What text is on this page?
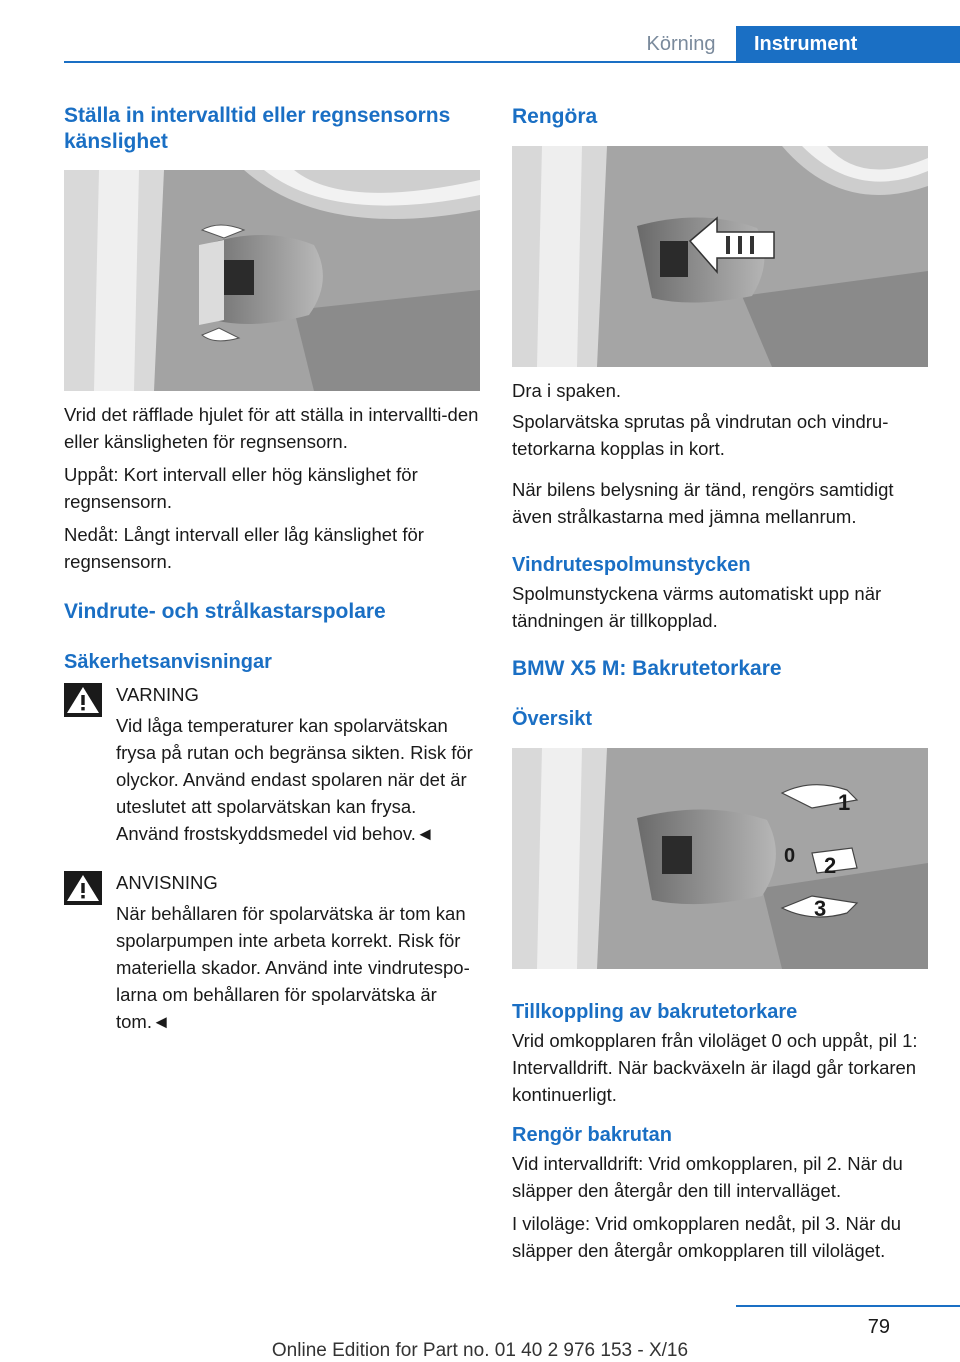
Körning	Instrument
Ställa in intervalltid eller regnsensorns känslighet

Vrid det räfflade hjulet för att ställa in intervallti‐den eller känsligheten för regnsensorn.

Uppåt: Kort intervall eller hög känslighet för regnsensorn.

Nedåt: Långt intervall eller låg känslighet för regnsensorn.

Vindrute- och strålkastarspolare
Säkerhetsanvisningar

VARNING

Vid låga temperaturer kan spolarvätskan frysa på rutan och begränsa sikten. Risk för olyckor. Använd endast spolaren när det är uteslutet att spolarvätskan kan frysa. Använd frostskyddsmedel vid behov.◄

ANVISNING

När behållaren för spolarvätska är tom kan spolarpumpen inte arbeta korrekt. Risk för materiella skador. Använd inte vindrutespo‐larna om behållaren för spolarvätska är tom.◄

Rengöra

Dra i spaken.

Spolarvätska sprutas på vindrutan och vindru‐tetorkarna kopplas in kort.

När bilens belysning är tänd, rengörs samtidigt även strålkastarna med jämna mellanrum.

Vindrutespolmunstycken

Spolmunstyckena värms automatiskt upp när tändningen är tillkopplad.

BMW X5 M: Bakrutetorkare
Översikt
1
0 2
3
Tillkoppling av bakrutetorkare

Vrid omkopplaren från viloläget 0 och uppåt, pil 1: Intervalldrift. När backväxeln är ilagd går torkaren kontinuerligt.

Rengör bakrutan

Vid intervalldrift: Vrid omkopplaren, pil 2. När du släpper den återgår den till intervalläget.

I viloläge: Vrid omkopplaren nedåt, pil 3. När du släpper den återgår omkopplaren till viloläget.

79
Online Edition for Part no. 01 40 2 976 153 - X/16
